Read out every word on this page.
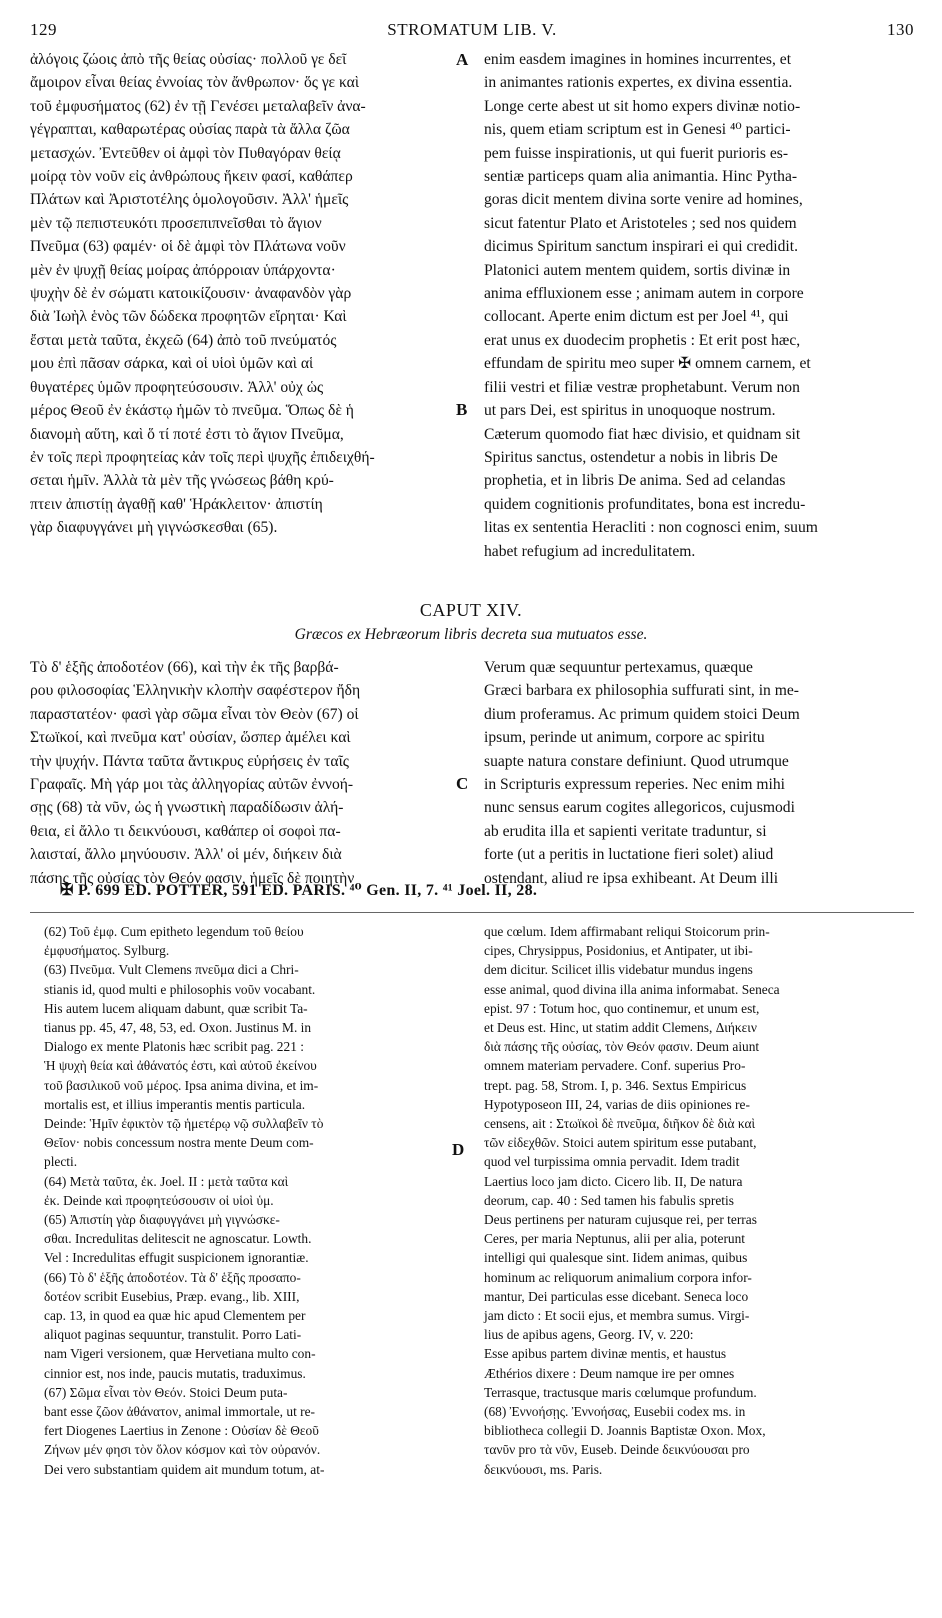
129	STROMATUM LIB. V.	130

ἀλόγοις ζώοις ἀπὸ τῆς θείας οὐσίας· πολλοῦ γε δεῖ

ἄμοιρον εἶναι θείας ἐννοίας τὸν ἄνθρωπον· ὅς γε καὶ

τοῦ ἐμφυσήματος (62) ἐν τῇ Γενέσει μεταλαβεῖν ἀνα-

γέγραπται, καθαρωτέρας οὐσίας παρὰ τὰ ἄλλα ζῶα

μετασχών. Ἐντεῦθεν οἱ ἀμφὶ τὸν Πυθαγόραν θείᾳ

μοίρᾳ τὸν νοῦν εἰς ἀνθρώπους ἥκειν φασί, καθάπερ

Πλάτων καὶ Ἀριστοτέλης ὁμολογοῦσιν. Ἀλλ' ἡμεῖς

μὲν τῷ πεπιστευκότι προσεπιπνεῖσθαι τὸ ἅγιον

Πνεῦμα (63) φαμέν· οἱ δὲ ἀμφὶ τὸν Πλάτωνα νοῦν

μὲν ἐν ψυχῇ θείας μοίρας ἀπόρροιαν ὑπάρχοντα·

ψυχὴν δὲ ἐν σώματι κατοικίζουσιν· ἀναφανδὸν γὰρ

διὰ Ἰωὴλ ἑνὸς τῶν δώδεκα προφητῶν εἴρηται· Καὶ

ἔσται μετὰ ταῦτα, ἐκχεῶ (64) ἀπὸ τοῦ πνεύματός

μου ἐπὶ πᾶσαν σάρκα, καὶ οἱ υἱοὶ ὑμῶν καὶ αἱ

θυγατέρες ὑμῶν προφητεύσουσιν. Ἀλλ' οὐχ ὡς

μέρος Θεοῦ ἐν ἑκάστῳ ἡμῶν τὸ πνεῦμα. Ὅπως δὲ ἡ

διανομὴ αὕτη, καὶ ὅ τί ποτέ ἐστι τὸ ἅγιον Πνεῦμα,

ἐν τοῖς περὶ προφητείας κἀν τοῖς περὶ ψυχῆς ἐπιδειχθή-

σεται ἡμῖν. Ἀλλὰ τὰ μὲν τῆς γνώσεως βάθη κρύ-

πτειν ἀπιστίῃ ἀγαθῇ καθ' Ἡράκλειτον· ἀπιστίη

γὰρ διαφυγγάνει μὴ γιγνώσκεσθαι (65).

enim easdem imagines in homines incurrentes, et

in animantes rationis expertes, ex divina essentia.

Longe certe abest ut sit homo expers divinæ notio-

nis, quem etiam scriptum est in Genesi ⁴⁰ partici-

pem fuisse inspirationis, ut qui fuerit purioris es-

sentiæ particeps quam alia animantia. Hinc Pytha-

goras dicit mentem divina sorte venire ad homines,

sicut fatentur Plato et Aristoteles ; sed nos quidem

dicimus Spiritum sanctum inspirari ei qui credidit.

Platonici autem mentem quidem, sortis divinæ in

anima effluxionem esse ; animam autem in corpore

collocant. Aperte enim dictum est per Joel ⁴¹, qui

erat unus ex duodecim prophetis : Et erit post hæc,

effundam de spiritu meo super ✠ omnem carnem, et

filii vestri et filiæ vestræ prophetabunt. Verum non

ut pars Dei, est spiritus in unoquoque nostrum.

Cæterum quomodo fiat hæc divisio, et quidnam sit

Spiritus sanctus, ostendetur a nobis in libris De

prophetia, et in libris De anima. Sed ad celandas

quidem cognitionis profunditates, bona est incredu-

litas ex sententia Heracliti : non cognosci enim, suum

habet refugium ad incredulitatem.

A
B
C
D
CAPUT XIV.
Græcos ex Hebræorum libris decreta sua mutuatos esse.

Τὸ δ' ἑξῆς ἀποδοτέον (66), καὶ τὴν ἐκ τῆς βαρβά-

ρου φιλοσοφίας Ἑλληνικὴν κλοπὴν σαφέστερον ἤδη

παραστατέον· φασὶ γὰρ σῶμα εἶναι τὸν Θεὸν (67) οἱ

Στωϊκοί, καὶ πνεῦμα κατ' οὐσίαν, ὥσπερ ἀμέλει καὶ

τὴν ψυχήν. Πάντα ταῦτα ἄντικρυς εὑρήσεις ἐν ταῖς

Γραφαῖς. Μὴ γάρ μοι τὰς ἀλληγορίας αὐτῶν ἐννοή-

σῃς (68) τὰ νῦν, ὡς ἡ γνωστικὴ παραδίδωσιν ἀλή-

θεια, εἰ ἄλλο τι δεικνύουσι, καθάπερ οἱ σοφοὶ πα-

λαισταί, ἄλλο μηνύουσιν. Ἀλλ' οἱ μέν, διήκειν διὰ

πάσης τῆς οὐσίας τὸν Θεόν φασιν, ἡμεῖς δὲ ποιητὴν

Verum quæ sequuntur pertexamus, quæque

Græci barbara ex philosophia suffurati sint, in me-

dium proferamus. Ac primum quidem stoici Deum

ipsum, perinde ut animum, corpore ac spiritu

suapte natura constare definiunt. Quod utrumque

in Scripturis expressum reperies. Nec enim mihi

nunc sensus earum cogites allegoricos, cujusmodi

ab erudita illa et sapienti veritate traduntur, si

forte (ut a peritis in luctatione fieri solet) aliud

ostendant, aliud re ipsa exhibeant. At Deum illi

✠ P. 699 ED. POTTER, 591 ED. PARIS. ⁴⁰ Gen. II, 7. ⁴¹ Joel. II, 28.

(62) Τοῦ ἐμφ. Cum epitheto legendum τοῦ θείου

ἐμφυσήματος. Sylburg.

(63) Πνεῦμα. Vult Clemens πνεῦμα dici a Chri-

stianis id, quod multi e philosophis νοῦν vocabant.

His autem lucem aliquam dabunt, quæ scribit Ta-

tianus pp. 45, 47, 48, 53, ed. Oxon. Justinus M. in

Dialogo ex mente Platonis hæc scribit pag. 221 :

Ἡ ψυχὴ θεία καὶ ἀθάνατός ἐστι, καὶ αὐτοῦ ἐκείνου

τοῦ βασιλικοῦ νοῦ μέρος. Ipsa anima divina, et im-

mortalis est, et illius imperantis mentis particula.

Deinde: Ἡμῖν ἐφικτὸν τῷ ἡμετέρῳ νῷ συλλαβεῖν τὸ

Θεῖον· nobis concessum nostra mente Deum com-

plecti.

(64) Μετὰ ταῦτα, ἐκ. Joel. II : μετὰ ταῦτα καὶ

ἐκ. Deinde καὶ προφητεύσουσιν οἱ υἱοὶ ὑμ.

(65) Ἀπιστίη γὰρ διαφυγγάνει μὴ γιγνώσκε-

σθαι. Incredulitas delitescit ne agnoscatur. Lowth.

Vel : Incredulitas effugit suspicionem ignorantiæ.

(66) Τὸ δ' ἑξῆς ἀποδοτέον. Τὰ δ' ἑξῆς προσαπο-

δοτέον scribit Eusebius, Præp. evang., lib. XIII,

cap. 13, in quod ea quæ hic apud Clementem per

aliquot paginas sequuntur, transtulit. Porro Lati-

nam Vigeri versionem, quæ Hervetiana multo con-

cinnior est, nos inde, paucis mutatis, traduximus.

(67) Σῶμα εἶναι τὸν Θεόν. Stoici Deum puta-

bant esse ζῶον ἀθάνατον, animal immortale, ut re-

fert Diogenes Laertius in Zenone : Οὐσίαν δὲ Θεοῦ

Ζήνων μέν φησι τὸν ὅλον κόσμον καὶ τὸν οὐρανόν.

Dei vero substantiam quidem ait mundum totum, at-

que cœlum. Idem affirmabant reliqui Stoicorum prin-

cipes, Chrysippus, Posidonius, et Antipater, ut ibi-

dem dicitur. Scilicet illis videbatur mundus ingens

esse animal, quod divina illa anima informabat. Seneca

epist. 97 : Totum hoc, quo continemur, et unum est,

et Deus est. Hinc, ut statim addit Clemens, Διήκειν

διὰ πάσης τῆς οὐσίας, τὸν Θεόν φασιν. Deum aiunt

omnem materiam pervadere. Conf. superius Pro-

trept. pag. 58, Strom. I, p. 346. Sextus Empiricus

Hypotyposeon III, 24, varias de diis opiniones re-

censens, ait : Στωϊκοὶ δὲ πνεῦμα, διῆκον δὲ διὰ καὶ

τῶν εἰδεχθῶν. Stoici autem spiritum esse putabant,

quod vel turpissima omnia pervadit. Idem tradit

Laertius loco jam dicto. Cicero lib. II, De natura

deorum, cap. 40 : Sed tamen his fabulis spretis

Deus pertinens per naturam cujusque rei, per terras

Ceres, per maria Neptunus, alii per alia, poterunt

intelligi qui qualesque sint. Iidem animas, quibus

hominum ac reliquorum animalium corpora infor-

mantur, Dei particulas esse dicebant. Seneca loco

jam dicto : Et socii ejus, et membra sumus. Virgi-

lius de apibus agens, Georg. IV, v. 220:

Esse apibus partem divinæ mentis, et haustus

Æthérios dixere : Deum namque ire per omnes

Terrasque, tractusque maris cœlumque profundum.

(68) Ἐννοήσῃς. Ἐννοήσας, Eusebii codex ms. in

bibliotheca collegii D. Joannis Baptistæ Oxon. Mox,

τανῦν pro τὰ νῦν, Euseb. Deinde δεικνύουσαι pro

δεικνύουσι, ms. Paris.
